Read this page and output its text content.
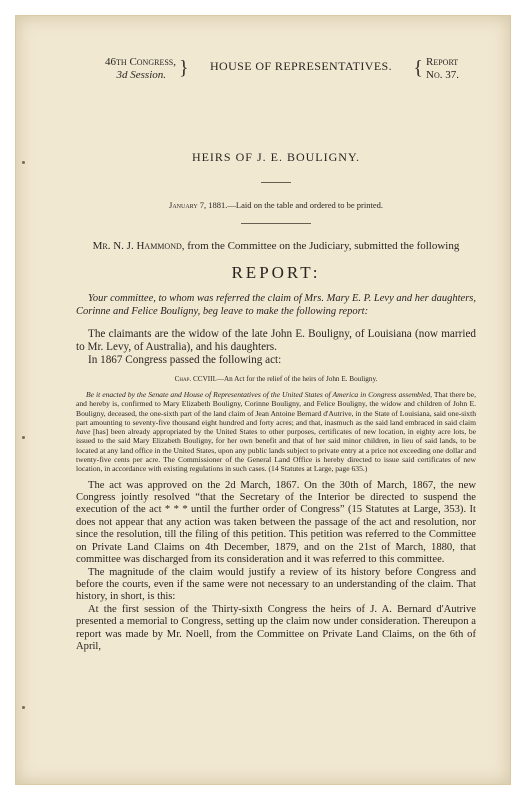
46th Congress,
3d Session. }	HOUSE OF REPRESENTATIVES.	{ Report
No. 37.
HEIRS OF J. E. BOULIGNY.
January 7, 1881.—Laid on the table and ordered to be printed.
Mr. N. J. Hammond, from the Committee on the Judiciary, submitted the following
REPORT:
Your committee, to whom was referred the claim of Mrs. Mary E. P. Levy and her daughters, Corinne and Felice Bouligny, beg leave to make the following report:
The claimants are the widow of the late John E. Bouligny, of Louisiana (now married to Mr. Levy, of Australia), and his daughters.
In 1867 Congress passed the following act:
Chap. CCVIII.—An Act for the relief of the heirs of John E. Bouligny.
Be it enacted by the Senate and House of Representatives of the United States of America in Congress assembled, That there be, and hereby is, confirmed to Mary Elizabeth Bouligny, Corinne Bouligny, and Felice Bouligny, the widow and children of John E. Bouligny, deceased, the one-sixth part of the land claim of Jean Antoine Bernard d'Autrive, in the State of Louisiana, said one-sixth part amounting to seventy-five thousand eight hundred and forty acres; and that, inasmuch as the said land embraced in said claim have [has] been already appropriated by the United States to other purposes, certificates of new location, in eighty acre lots, be issued to the said Mary Elizabeth Bouligny, for her own benefit and that of her said minor children, in lieu of said lands, to be located at any land office in the United States, upon any public lands subject to private entry at a price not exceeding one dollar and twenty-five cents per acre. The Commissioner of the General Land Office is hereby directed to issue said certificates of new location, in accordance with existing regulations in such cases. (14 Statutes at Large, page 635.)
The act was approved on the 2d March, 1867. On the 30th of March, 1867, the new Congress jointly resolved “that the Secretary of the Interior be directed to suspend the execution of the act * * * until the further order of Congress” (15 Statutes at Large, 353). It does not appear that any action was taken between the passage of the act and resolution, nor since the resolution, till the filing of this petition. This petition was referred to the Committee on Private Land Claims on 4th December, 1879, and on the 21st of March, 1880, that committee was discharged from its consideration and it was referred to this committee.
The magnitude of the claim would justify a review of its history before Congress and before the courts, even if the same were not necessary to an understanding of the claim. That history, in short, is this:
At the first session of the Thirty-sixth Congress the heirs of J. A. Bernard d'Autrive presented a memorial to Congress, setting up the claim now under consideration. Thereupon a report was made by Mr. Noell, from the Committee on Private Land Claims, on the 6th of April,
